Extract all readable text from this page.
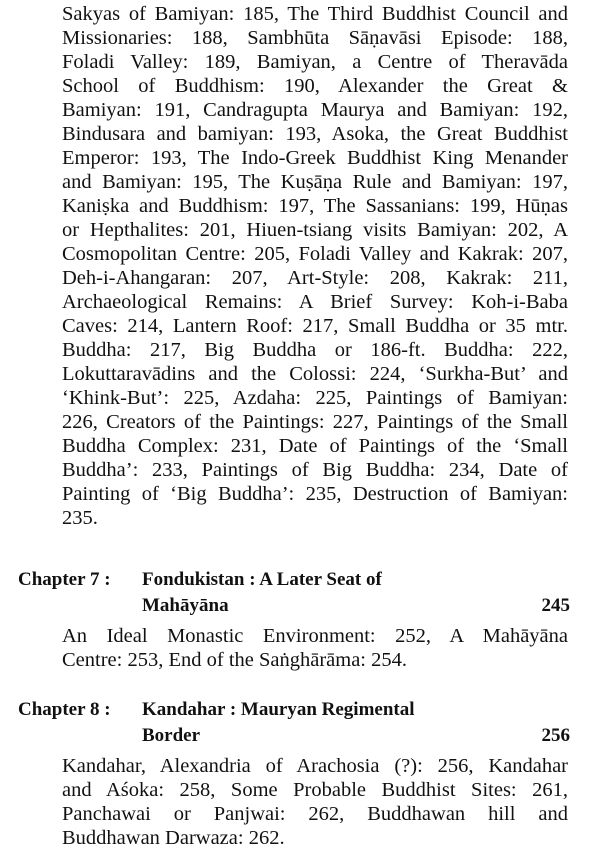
Sakyas of Bamiyan: 185, The Third Buddhist Council and
Missionaries: 188, Sambhūta Sāṇavāsi Episode: 188,
Foladi Valley: 189, Bamiyan, a Centre of Theravāda
School of Buddhism: 190, Alexander the Great &
Bamiyan: 191, Candragupta Maurya and Bamiyan: 192,
Bindusara and bamiyan: 193, Asoka, the Great Buddhist
Emperor: 193, The Indo-Greek Buddhist King Menander
and Bamiyan: 195, The Kuṣāṇa Rule and Bamiyan: 197,
Kaniṣka and Buddhism: 197, The Sassanians: 199, Hūṇas
or Hepthalites: 201, Hiuen-tsiang visits Bamiyan: 202, A
Cosmopolitan Centre: 205, Foladi Valley and Kakrak: 207,
Deh-i-Ahangaran: 207, Art-Style: 208, Kakrak: 211,
Archaeological Remains: A Brief Survey: Koh-i-Baba
Caves: 214, Lantern Roof: 217, Small Buddha or 35 mtr.
Buddha: 217, Big Buddha or 186-ft. Buddha: 222,
Lokuttaravādins and the Colossi: 224, ‘Surkha-But’ and
‘Khink-But’: 225, Azdaha: 225, Paintings of Bamiyan:
226, Creators of the Paintings: 227, Paintings of the Small
Buddha Complex: 231, Date of Paintings of the ‘Small
Buddha’: 233, Paintings of Big Buddha: 234, Date of
Painting of ‘Big Buddha’: 235, Destruction of Bamiyan:
235.
Chapter 7 : Fondukistan : A Later Seat of
Mahāyāna	245
An Ideal Monastic Environment: 252, A Mahāyāna
Centre: 253, End of the Saṅghārāma: 254.
Chapter 8 : Kandahar : Mauryan Regimental
Border	256
Kandahar, Alexandria of Arachosia (?): 256, Kandahar
and Aśoka: 258, Some Probable Buddhist Sites: 261,
Panchawai or Panjwai: 262, Buddhawan hill and
Buddhawan Darwaza: 262.
